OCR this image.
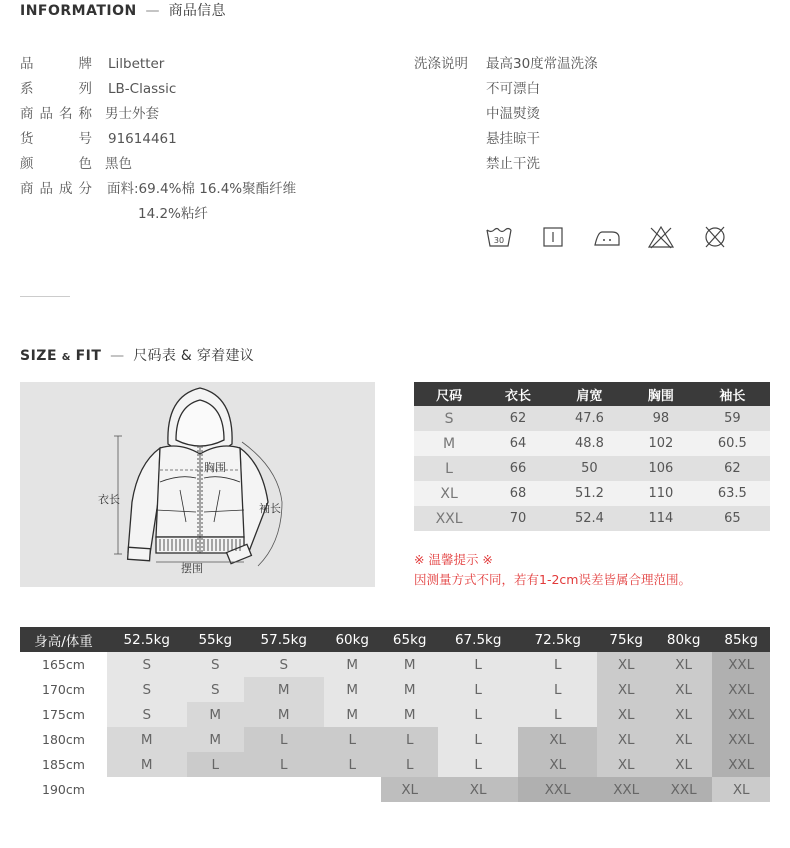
INFORMATION — 商品信息
品牌 Lilbetter
系列 LB-Classic
商品名称 男士外套
货号 91614461
颜色 黑色
商品成分 面料:69.4%棉 16.4%聚酯纤维
14.2%粘纤
洗涤说明	最高30度常温洗涤
不可漂白
中温熨烫
悬挂晾干
禁止干洗
30
SIZE & FIT — 尺码表 & 穿着建议
衣长
胸围
袖长
摆围
尺码	衣长	肩宽	胸围	袖长
S	62	47.6	98	59
M	64	48.8	102	60.5
L	66	50	106	62
XL	68	51.2	110	63.5
XXL	70	52.4	114	65
※ 温馨提示 ※
因测量方式不同，若有1-2cm误差皆属合理范围。
身高/体重	52.5kg	55kg	57.5kg	60kg	65kg	67.5kg	72.5kg	75kg	80kg	85kg
165cm	S	S	S	M	M	L	L	XL	XL	XXL
170cm	S	S	M	M	M	L	L	XL	XL	XXL
175cm	S	M	M	M	M	L	L	XL	XL	XXL
180cm	M	M	L	L	L	L	XL	XL	XL	XXL
185cm	M	L	L	L	L	L	XL	XL	XL	XXL
190cm					XL	XL	XXL	XXL	XXL	XL
